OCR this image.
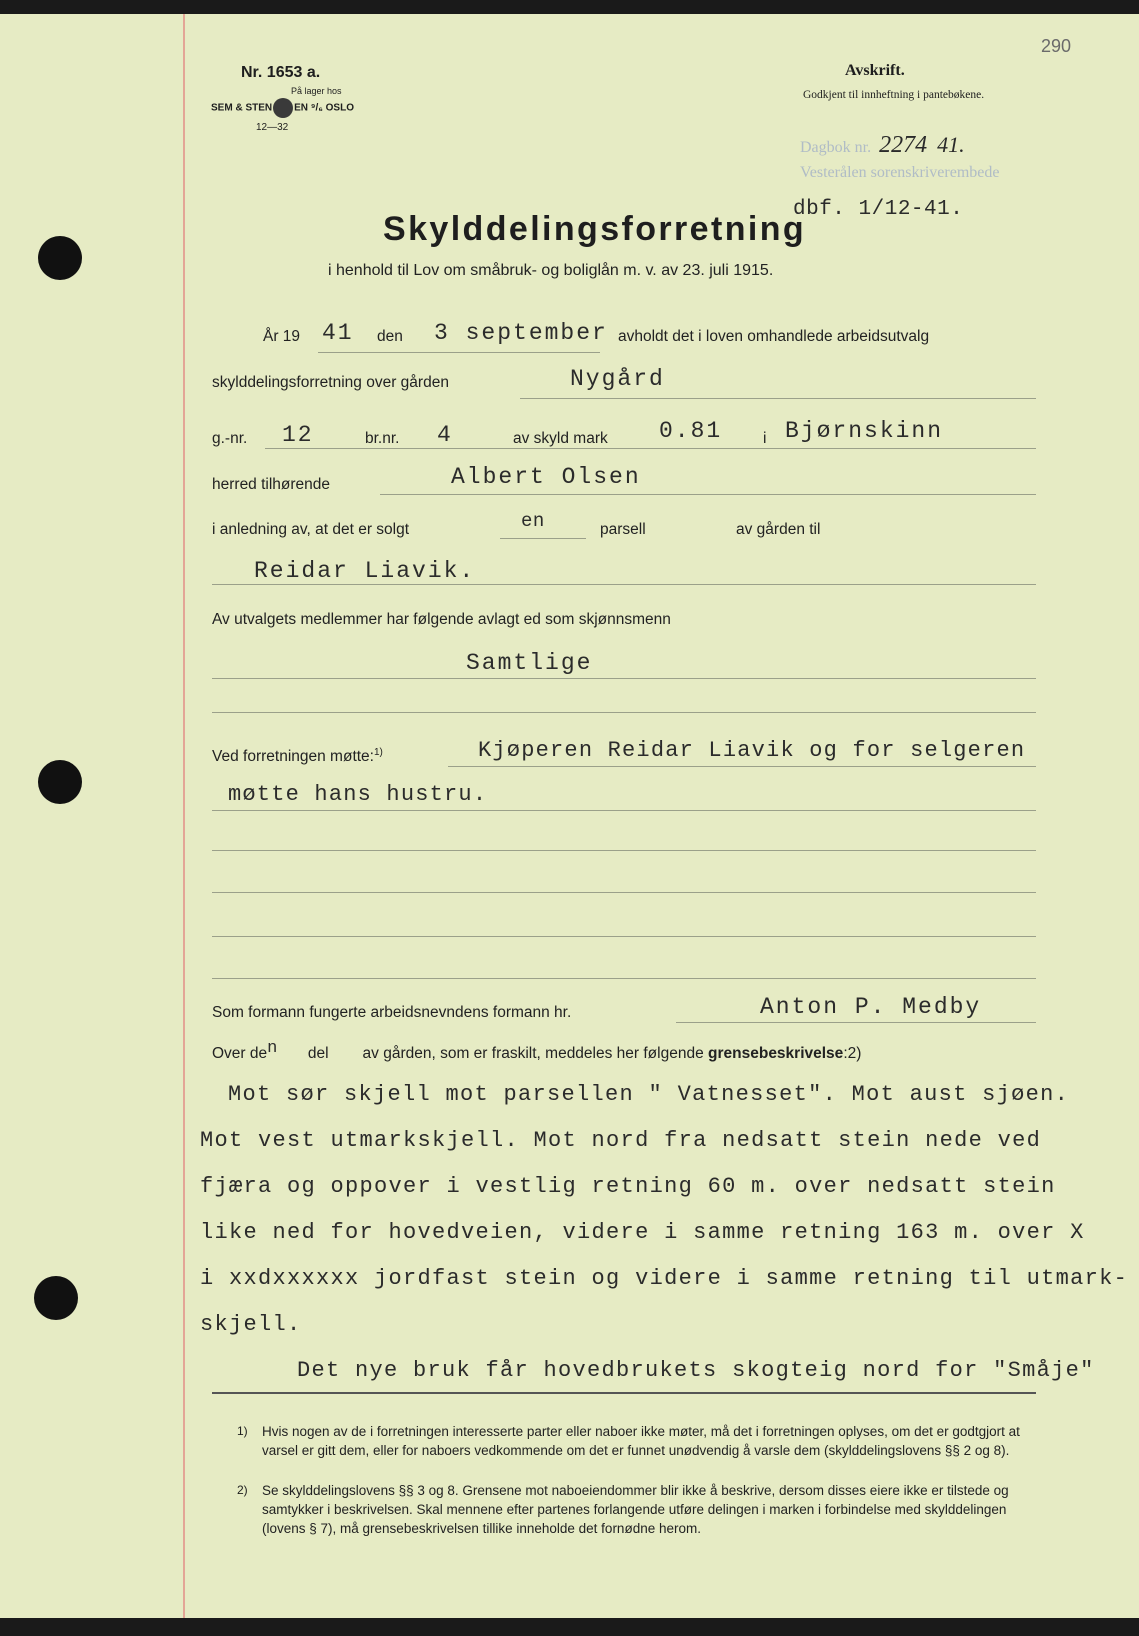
Nr. 1653 a.
På lager hos
SEM & STEN EN ⁹/₆ OSLO
12—32
290
Avskrift.
Godkjent til innheftning i pantebøkene.
Dagbok nr. 2274 41.
Vesterålen sorenskriverembede
dbf. 1/12-41.
Skylddelingsforretning
i henhold til Lov om småbruk- og boliglån m. v. av 23. juli 1915.
År 19 41 den 3 september avholdt det i loven omhandlede arbeidsutvalg
skylddelingsforretning over gården	Nygård
g.-nr. 12	br.nr. 4	av skyld mark 0.81	i Bjørnskinn
herred tilhørende	Albert Olsen
i anledning av, at det er solgt	en	parsell	av gården til
Reidar Liavik.
Av utvalgets medlemmer har følgende avlagt ed som skjønnsmenn
Samtlige
Ved forretningen møtte:$^{1)}$	Kjøperen Reidar Liavik og for selgeren
møtte hans hustru.
Som formann fungerte arbeidsnevndens formann hr.	Anton P. Medby
Over den del av gården, som er fraskilt, meddeles her følgende grensebeskrivelse:2)
Mot sør skjell mot parsellen " Vatnesset". Mot aust sjøen.
Mot vest utmarkskjell. Mot nord fra nedsatt stein nede ved
fjæra og oppover i vestlig retning 60 m. over nedsatt stein
like ned for hovedveien, videre i samme retning 163 m. over X
i xxdxxxxxx jordfast stein og videre i samme retning til utmark-
skjell.
Det nye bruk får hovedbrukets skogteig nord for "Småje"
1) Hvis nogen av de i forretningen interesserte parter eller naboer ikke møter, må det i forretningen oplyses, om det er godtgjort at varsel er gitt dem, eller for naboers vedkommende om det er funnet unødvendig å varsle dem (skylddelingslovens §§ 2 og 8).
2) Se skylddelingslovens §§ 3 og 8. Grensene mot naboeiendommer blir ikke å beskrive, dersom disses eiere ikke er tilstede og samtykker i beskrivelsen. Skal mennene efter partenes forlangende utføre delingen i marken i forbindelse med skylddelingen (lovens § 7), må grensebeskrivelsen tillike inneholde det fornødne herom.
